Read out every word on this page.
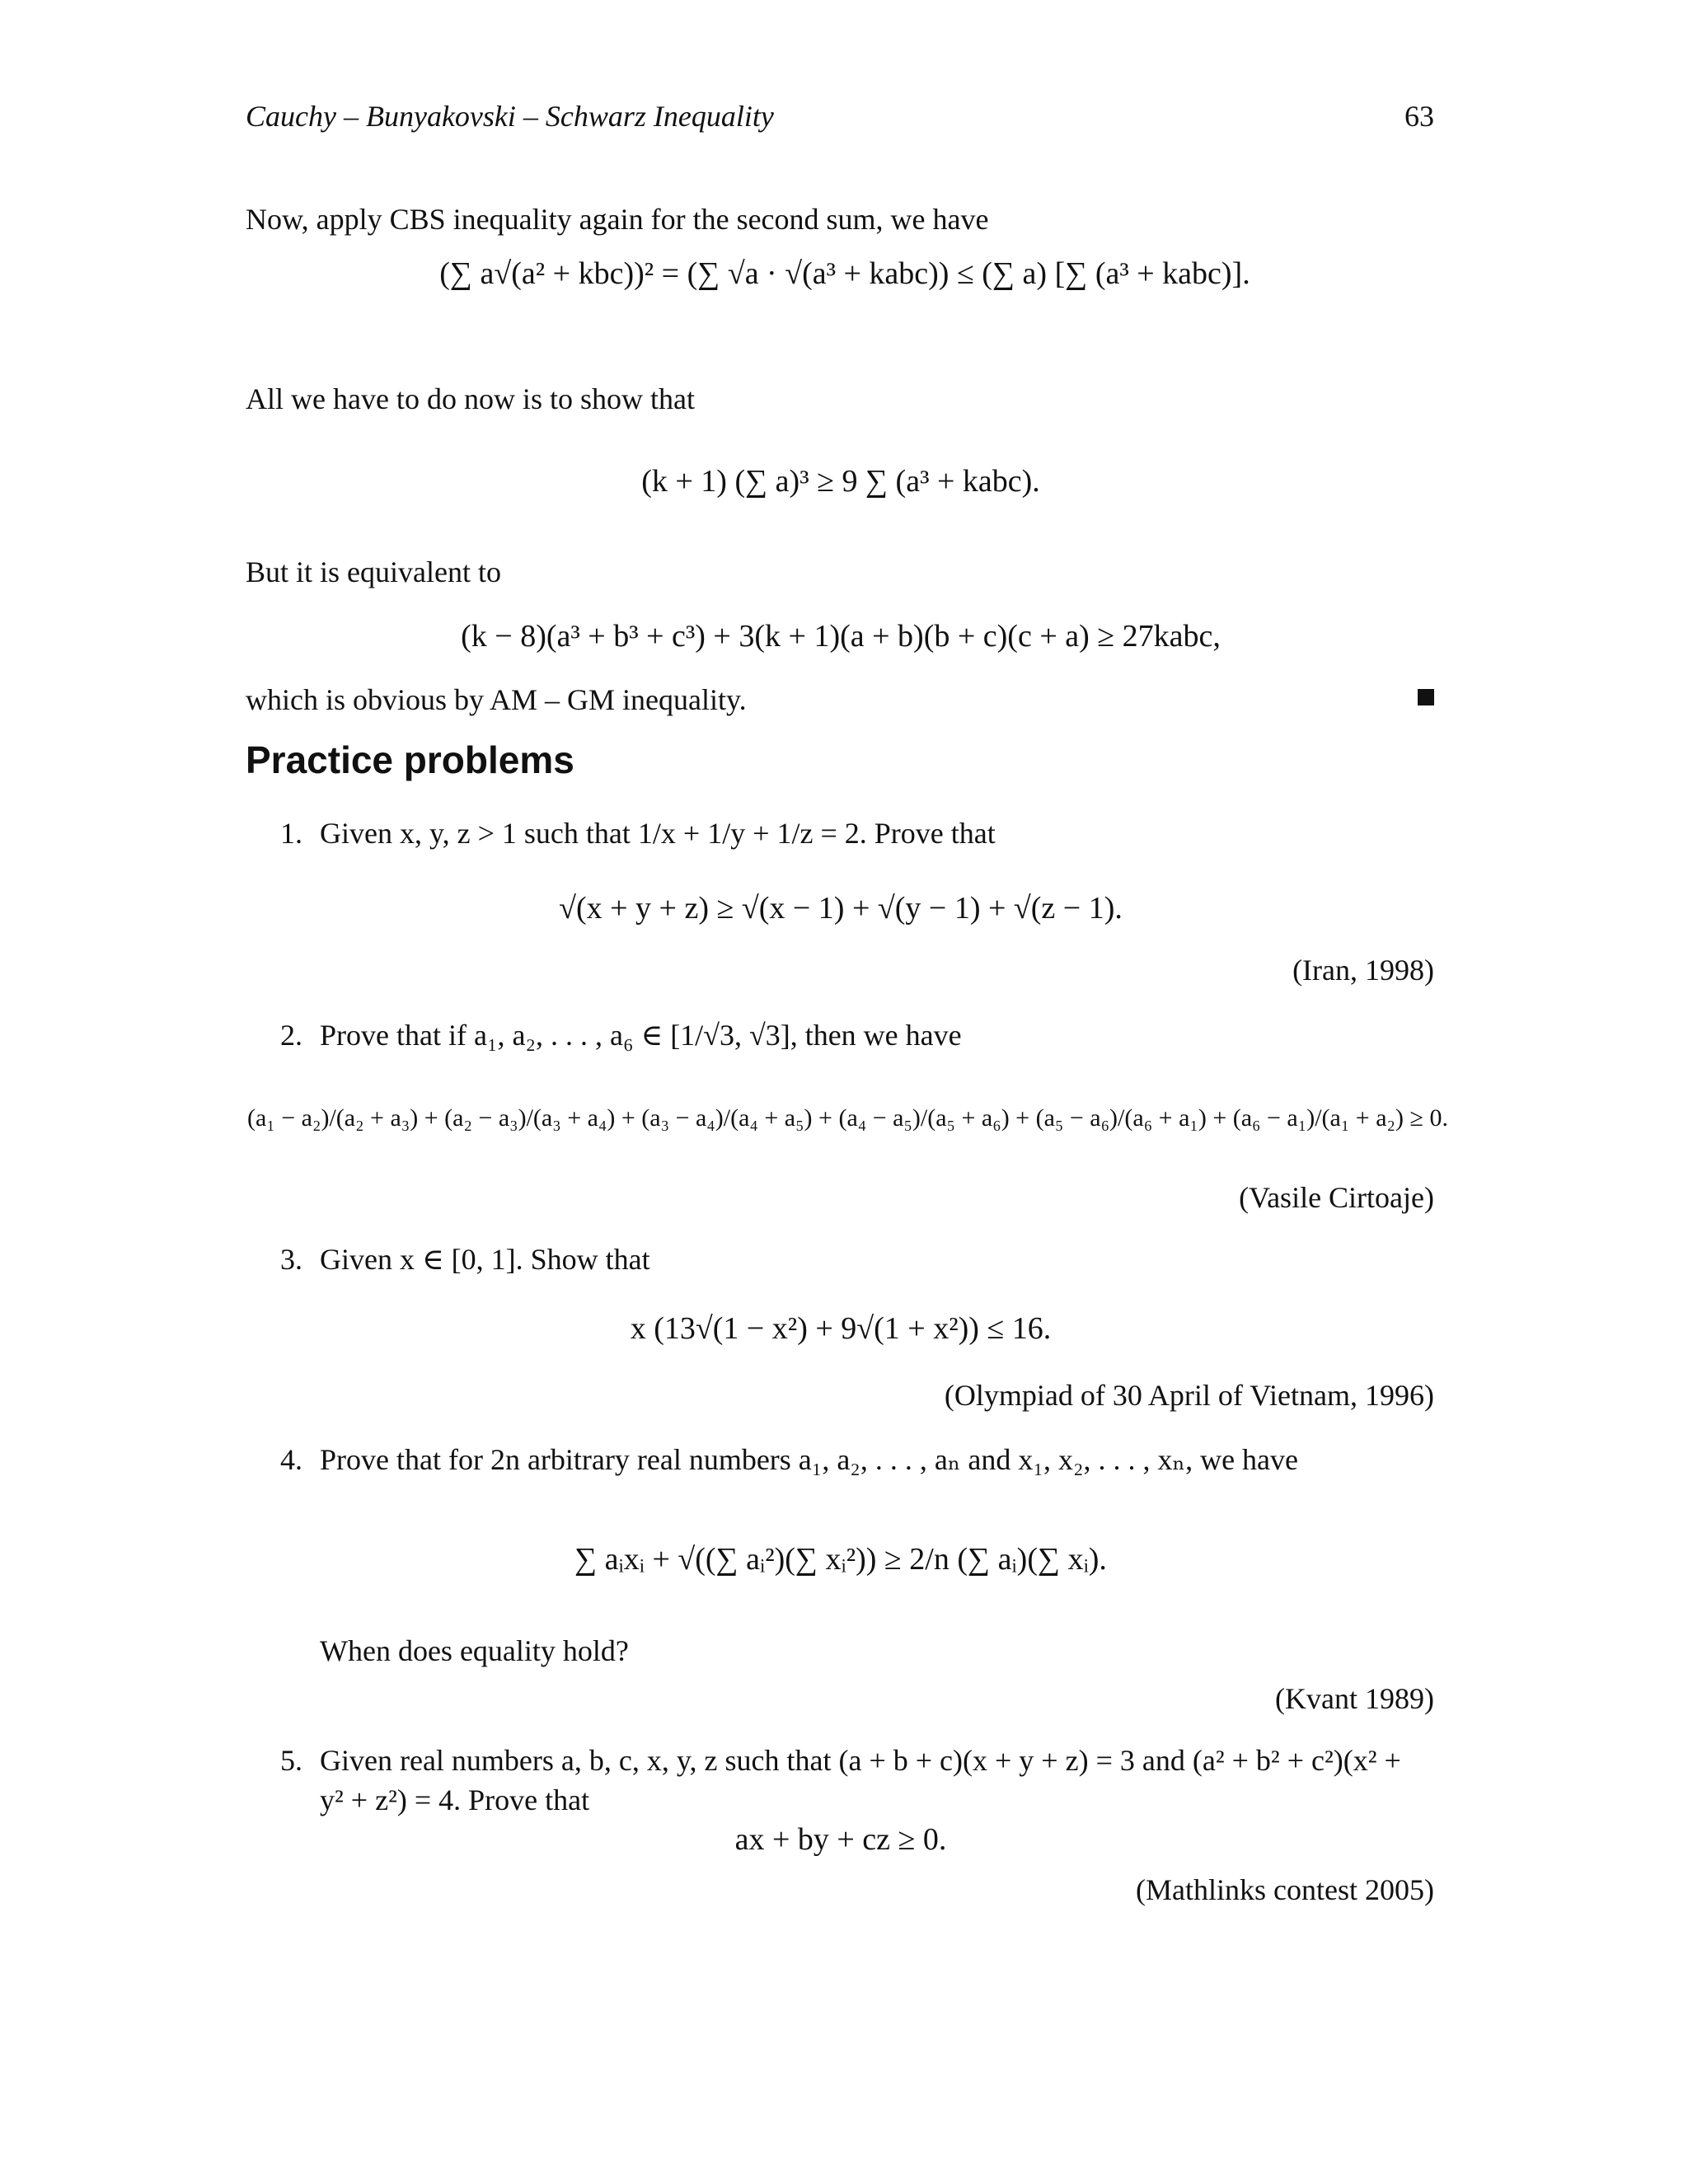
Cauchy – Bunyakovski – Schwarz Inequality	63
Now, apply CBS inequality again for the second sum, we have
(∑ a√(a² + kbc))² = (∑ √a · √(a³ + kabc)) ≤ (∑ a) [∑ (a³ + kabc)].
All we have to do now is to show that
(k + 1) (∑ a)³ ≥ 9 ∑ (a³ + kabc).
But it is equivalent to
(k − 8)(a³ + b³ + c³) + 3(k + 1)(a + b)(b + c)(c + a) ≥ 27kabc,
which is obvious by AM – GM inequality.
Practice problems
1. Given x, y, z > 1 such that 1/x + 1/y + 1/z = 2. Prove that
√(x + y + z) ≥ √(x − 1) + √(y − 1) + √(z − 1).
(Iran, 1998)
2. Prove that if a₁, a₂, . . . , a₆ ∈ [1/√3, √3], then we have
(a₁ − a₂)/(a₂ + a₃) + (a₂ − a₃)/(a₃ + a₄) + (a₃ − a₄)/(a₄ + a₅) + (a₄ − a₅)/(a₅ + a₆) + (a₅ − a₆)/(a₆ + a₁) + (a₆ − a₁)/(a₁ + a₂) ≥ 0.
(Vasile Cirtoaje)
3. Given x ∈ [0, 1]. Show that
x (13√(1 − x²) + 9√(1 + x²)) ≤ 16.
(Olympiad of 30 April of Vietnam, 1996)
4. Prove that for 2n arbitrary real numbers a₁, a₂, . . . , aₙ and x₁, x₂, . . . , xₙ, we have
∑ aᵢxᵢ + √((∑ aᵢ²)(∑ xᵢ²)) ≥ 2/n (∑ aᵢ)(∑ xᵢ).
When does equality hold?
(Kvant 1989)
5. Given real numbers a, b, c, x, y, z such that (a + b + c)(x + y + z) = 3 and (a² + b² + c²)(x² +
y² + z²) = 4. Prove that
ax + by + cz ≥ 0.
(Mathlinks contest 2005)
